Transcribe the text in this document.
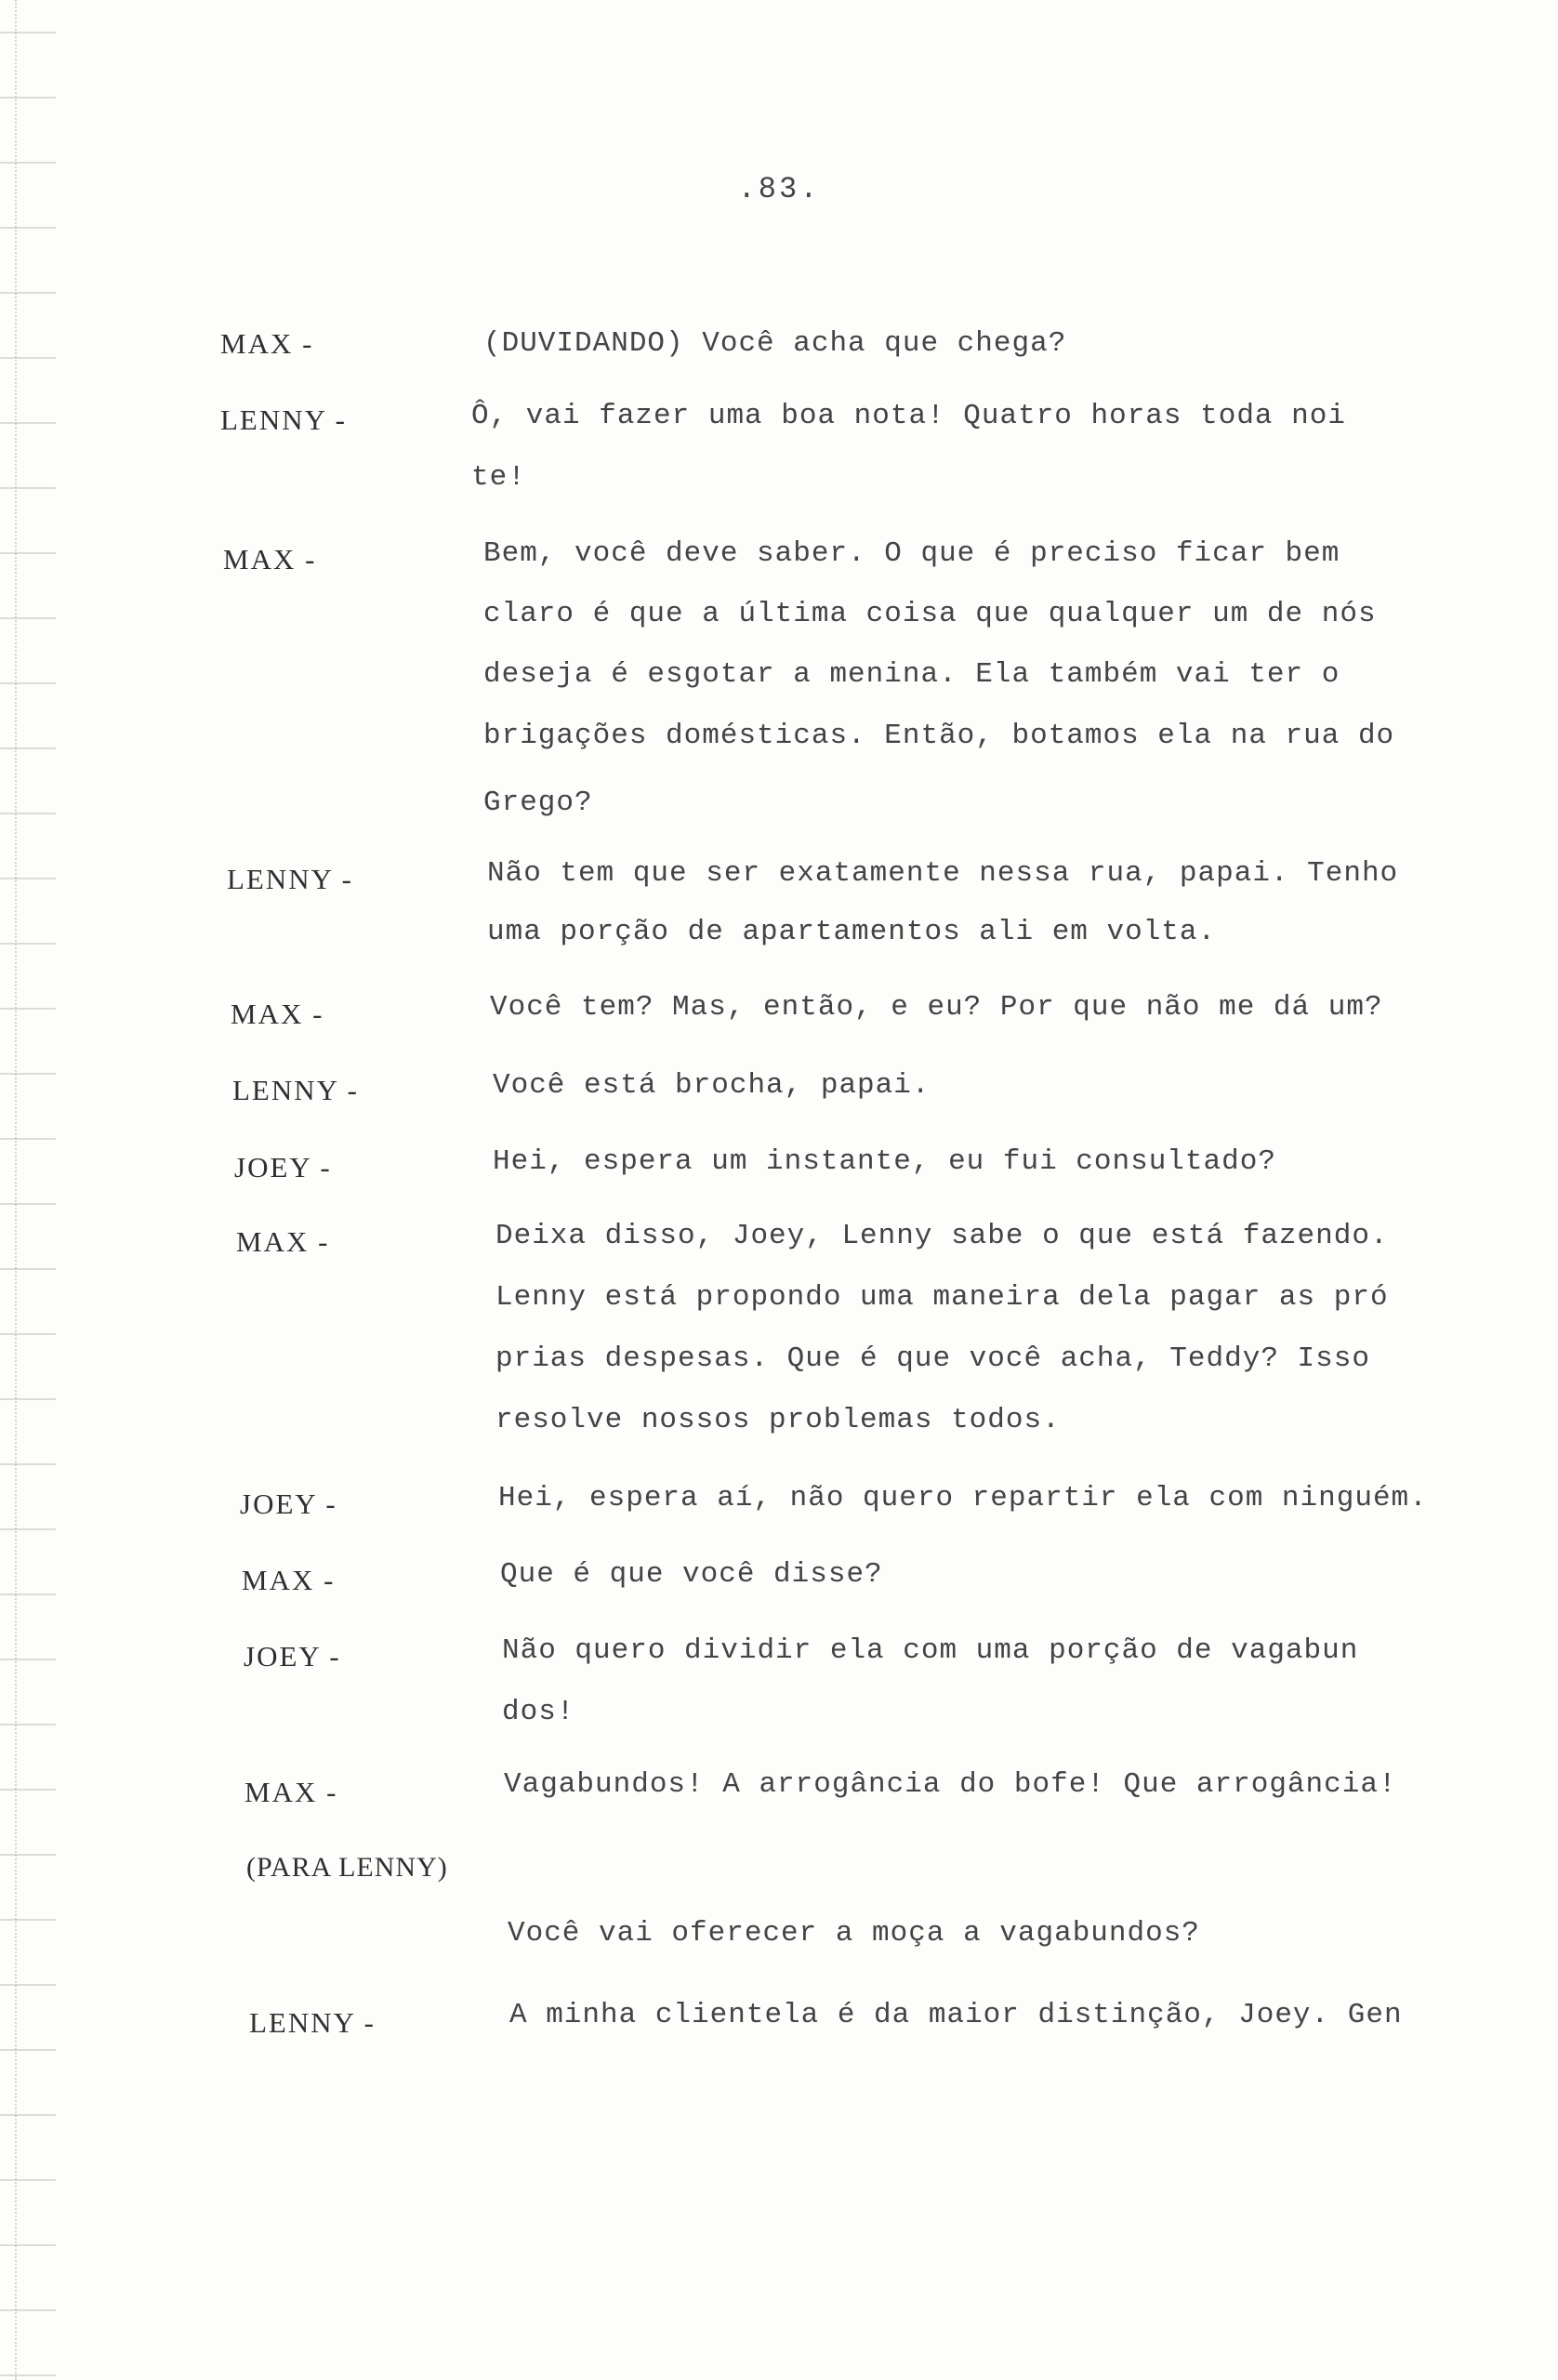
.83.
MAX -	(DUVIDANDO) Você acha que chega?
LENNY -	Ô, vai fazer uma boa nota! Quatro horas toda noi
te!
MAX -	Bem, você deve saber. O que é preciso ficar bem
claro é que a última coisa que qualquer um de nós
deseja é esgotar a menina. Ela também vai ter o
brigações domésticas. Então, botamos ela na rua do
Grego?
LENNY -	Não tem que ser exatamente nessa rua, papai. Tenho
uma porção de apartamentos ali em volta.
MAX -	Você tem? Mas, então, e eu? Por que não me dá um?
LENNY -	Você está brocha, papai.
JOEY -	Hei, espera um instante, eu fui consultado?
MAX -	Deixa disso, Joey, Lenny sabe o que está fazendo.
Lenny está propondo uma maneira dela pagar as pró
prias despesas. Que é que você acha, Teddy? Isso
resolve nossos problemas todos.
JOEY -	Hei, espera aí, não quero repartir ela com ninguém.
MAX -	Que é que você disse?
JOEY -	Não quero dividir ela com uma porção de vagabun
dos!
MAX -	Vagabundos! A arrogância do bofe! Que arrogância!
(PARA LENNY)
Você vai oferecer a moça a vagabundos?
LENNY -	A minha clientela é da maior distinção, Joey. Gen
